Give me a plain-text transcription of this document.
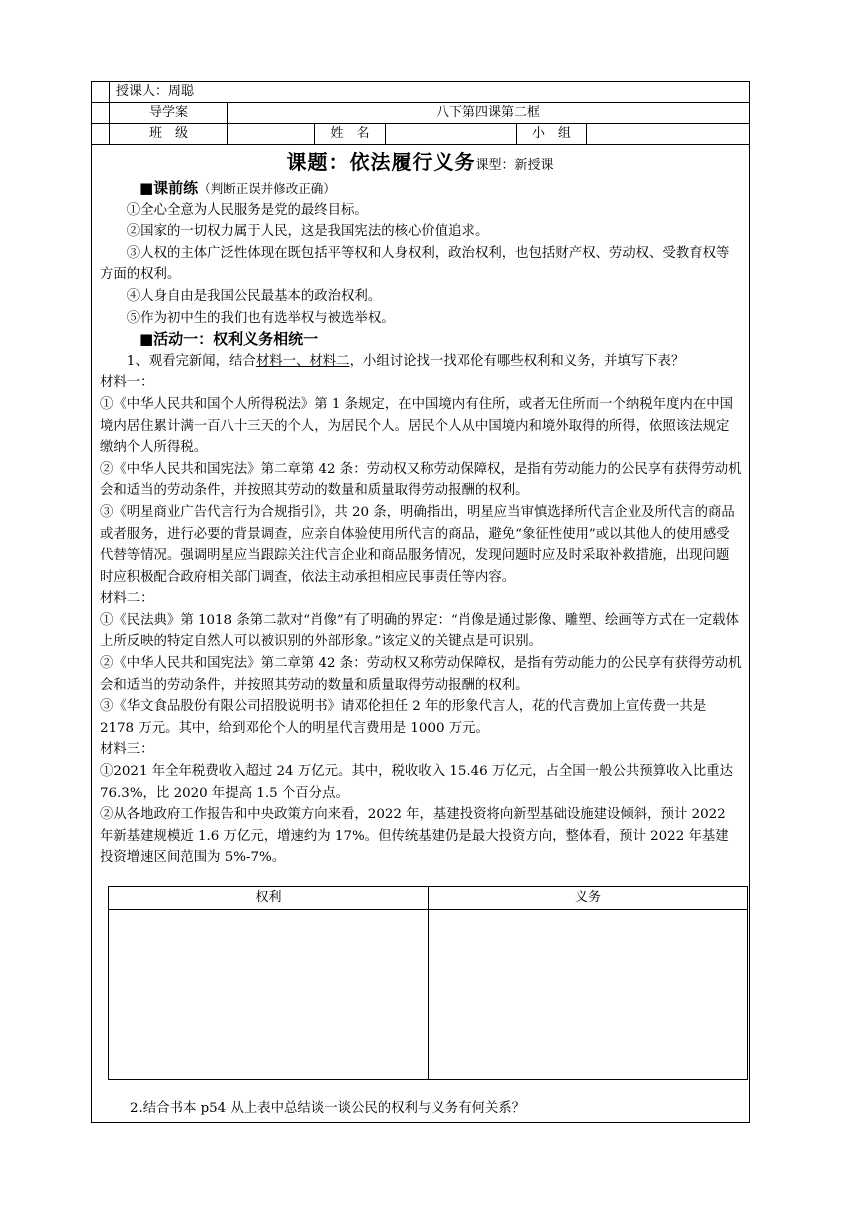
授课人：周聪
导学案	八下第四课第二框
班　级	姓　名	小　组
课题：依法履行义务课型：新授课

■课前练（判断正误并修改正确）

①全心全意为人民服务是党的最终目标。

②国家的一切权力属于人民，这是我国宪法的核心价值追求。

③人权的主体广泛性体现在既包括平等权和人身权利，政治权利，也包括财产权、劳动权、受教育权等方面的权利。

④人身自由是我国公民最基本的政治权利。

⑤作为初中生的我们也有选举权与被选举权。

■活动一：权利义务相统一

1、观看完新闻，结合材料一、材料二，小组讨论找一找邓伦有哪些权利和义务，并填写下表？

材料一：

①《中华人民共和国个人所得税法》第 1 条规定，在中国境内有住所，或者无住所而一个纳税年度内在中国境内居住累计满一百八十三天的个人，为居民个人。居民个人从中国境内和境外取得的所得，依照该法规定缴纳个人所得税。

②《中华人民共和国宪法》第二章第 42 条：劳动权又称劳动保障权，是指有劳动能力的公民享有获得劳动机会和适当的劳动条件，并按照其劳动的数量和质量取得劳动报酬的权利。

③《明星商业广告代言行为合规指引》，共 20 条，明确指出，明星应当审慎选择所代言企业及所代言的商品或者服务，进行必要的背景调查，应亲自体验使用所代言的商品，避免“象征性使用”或以其他人的使用感受代替等情况。强调明星应当跟踪关注代言企业和商品服务情况，发现问题时应及时采取补救措施，出现问题时应积极配合政府相关部门调查，依法主动承担相应民事责任等内容。

材料二：

①《民法典》第 1018 条第二款对“肖像”有了明确的界定：“肖像是通过影像、雕塑、绘画等方式在一定载体上所反映的特定自然人可以被识别的外部形象。”该定义的关键点是可识别。

②《中华人民共和国宪法》第二章第 42 条：劳动权又称劳动保障权，是指有劳动能力的公民享有获得劳动机会和适当的劳动条件，并按照其劳动的数量和质量取得劳动报酬的权利。

③《华文食品股份有限公司招股说明书》请邓伦担任 2 年的形象代言人，花的代言费加上宣传费一共是 2178 万元。其中，给到邓伦个人的明星代言费用是 1000 万元。

材料三：

①2021 年全年税费收入超过 24 万亿元。其中，税收收入 15.46 万亿元，占全国一般公共预算收入比重达 76.3%，比 2020 年提高 1.5 个百分点。

②从各地政府工作报告和中央政策方向来看，2022 年，基建投资将向新型基础设施建设倾斜，预计 2022 年新基建规模近 1.6 万亿元，增速约为 17%。但传统基建仍是最大投资方向，整体看，预计 2022 年基建投资增速区间范围为 5%-7%。

权利	义务
2.结合书本 p54 从上表中总结谈一谈公民的权利与义务有何关系？
